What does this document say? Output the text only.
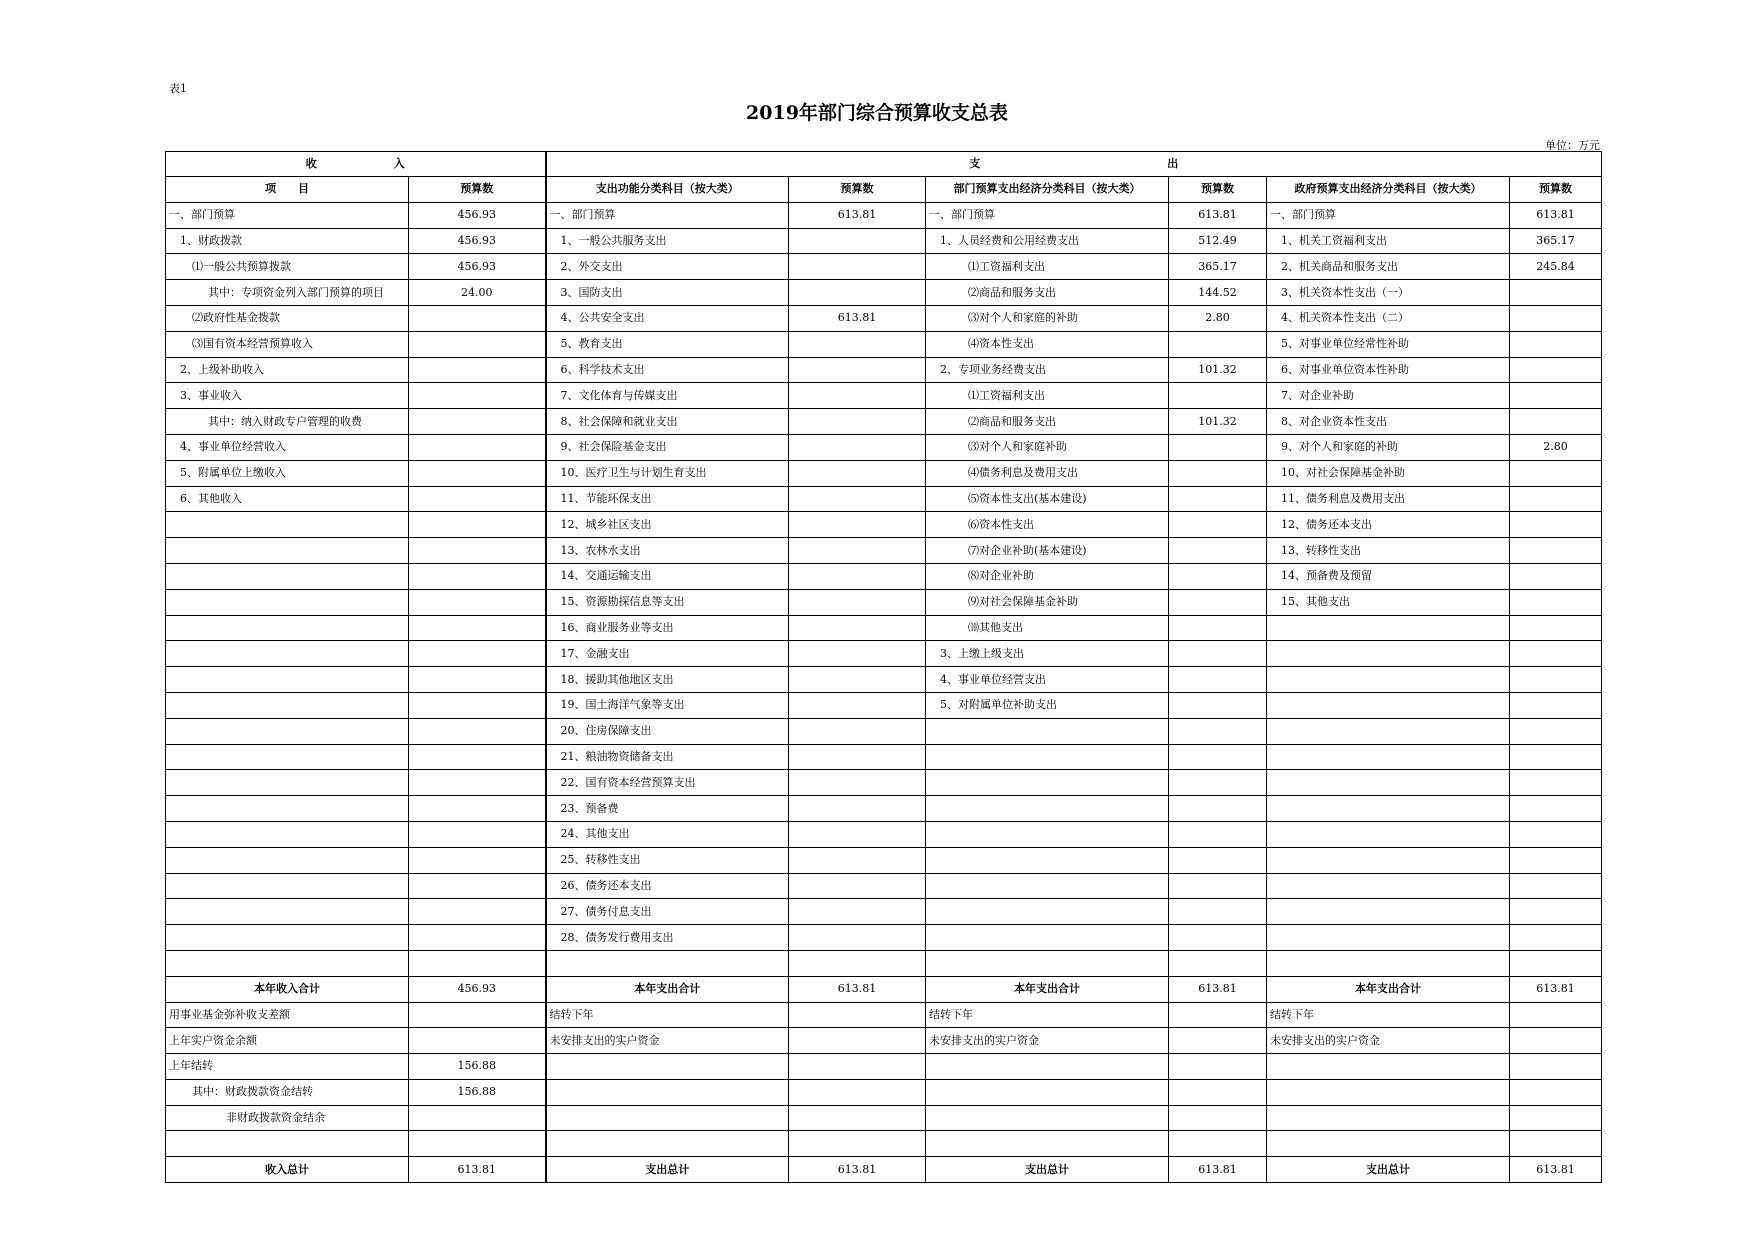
表1
2019年部门综合预算收支总表
单位：万元
收　　　　　　　入		支　　　　　　　　　　　　　　　　　出					
项　　目	预算数	支出功能分类科目（按大类）	预算数	部门预算支出经济分类科目（按大类）	预算数	政府预算支出经济分类科目（按大类）	预算数
一、部门预算	456.93	一、部门预算	613.81	一、部门预算	613.81	一、部门预算	613.81
1、财政拨款	456.93	1、一般公共服务支出		1、人员经费和公用经费支出	512.49	1、机关工资福利支出	365.17
⑴一般公共预算拨款	456.93	2、外交支出		⑴工资福利支出	365.17	2、机关商品和服务支出	245.84
其中：专项资金列入部门预算的项目	24.00	3、国防支出		⑵商品和服务支出	144.52	3、机关资本性支出（一）	
⑵政府性基金拨款		4、公共安全支出	613.81	⑶对个人和家庭的补助	2.80	4、机关资本性支出（二）	
⑶国有资本经营预算收入		5、教育支出		⑷资本性支出		5、对事业单位经常性补助	
2、上级补助收入		6、科学技术支出		2、专项业务经费支出	101.32	6、对事业单位资本性补助	
3、事业收入		7、文化体育与传媒支出		⑴工资福利支出		7、对企业补助	
其中：纳入财政专户管理的收费		8、社会保障和就业支出		⑵商品和服务支出	101.32	8、对企业资本性支出	
4、事业单位经营收入		9、社会保险基金支出		⑶对个人和家庭补助		9、对个人和家庭的补助	2.80
5、附属单位上缴收入		10、医疗卫生与计划生育支出		⑷债务利息及费用支出		10、对社会保障基金补助	
6、其他收入		11、节能环保支出		⑸资本性支出(基本建设)		11、债务利息及费用支出	
		12、城乡社区支出		⑹资本性支出		12、债务还本支出	
		13、农林水支出		⑺对企业补助(基本建设)		13、转移性支出	
		14、交通运输支出		⑻对企业补助		14、预备费及预留	
		15、资源勘探信息等支出		⑼对社会保障基金补助		15、其他支出	
		16、商业服务业等支出		⑽其他支出			
		17、金融支出		3、上缴上级支出			
		18、援助其他地区支出		4、事业单位经营支出			
		19、国土海洋气象等支出		5、对附属单位补助支出			
		20、住房保障支出					
		21、粮油物资储备支出					
		22、国有资本经营预算支出					
		23、预备费					
		24、其他支出					
		25、转移性支出					
		26、债务还本支出					
		27、债务付息支出					
		28、债务发行费用支出					

本年收入合计	456.93	本年支出合计	613.81	本年支出合计	613.81	本年支出合计	613.81
用事业基金弥补收支差额		结转下年		结转下年		结转下年	
上年实户资金余额		未安排支出的实户资金		未安排支出的实户资金		未安排支出的实户资金	
上年结转	156.88						
其中：财政拨款资金结转	156.88						
非财政拨款资金结余							

收入总计	613.81	支出总计	613.81	支出总计	613.81	支出总计	613.81
